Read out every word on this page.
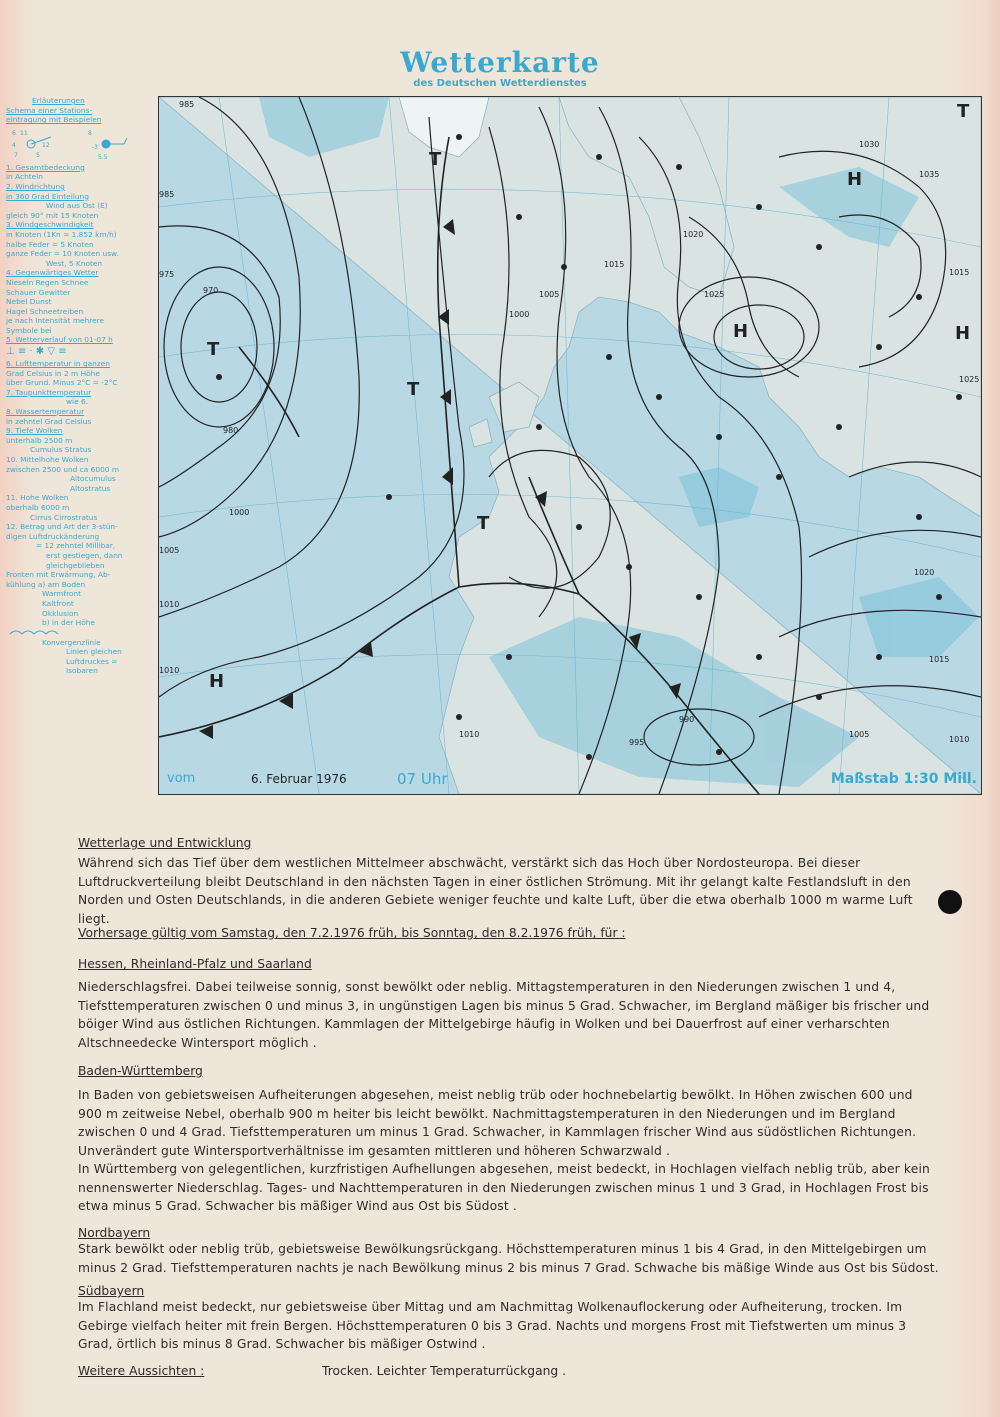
Wetterkarte
des Deutschen Wetterdienstes
Erläuterungen
Schema einer Stations-
eintragung mit Beispielen
6 11
4
7	5
12
8
-3
5.5
1. Gesamtbedeckung
in Achteln
2. Windrichtung
in 360 Grad Einteilung
Wind aus Ost (E)
gleich 90° mit 15 Knoten
3. Windgeschwindigkeit
in Knoten (1Kn = 1.852 km/h)
halbe Feder = 5 Knoten
ganze Feder = 10 Knoten usw.
West, 5 Knoten
4. Gegenwärtiges Wetter
Nieseln Regen Schnee
Schauer Gewitter
Nebel Dunst
Hagel Schneetreiben
je nach Intensität mehrere
Symbole bei
5. Wetterverlauf von 01-07 h
⊥ ≡ · ✱ ▽ ≡
6. Lufttemperatur in ganzen
Grad Celsius in 2 m Höhe
über Grund. Minus 2°C = -2°C
7. Taupunkttemperatur
wie 6.
8. Wassertemperatur
in zehntel Grad Celsius
9. Tiefe Wolken
unterhalb 2500 m
Cumulus Stratus
10. Mittelhohe Wolken
zwischen 2500 und ca 6000 m
Altocumulus
Altostratus
11. Hohe Wolken
oberhalb 6000 m
Cirrus Cirrostratus
12. Betrag und Art der 3-stün-
digen Luftdruckänderung
= 12 zehntel Millibar,
erst gestiegen, dann
gleichgeblieben
Fronten mit Erwärmung, Ab-
kühlung a) am Boden
Warmfront
Kaltfront
Okklusion
b) in der Höhe
Konvergenzlinie
Linien gleichen
Luftdruckes =
Isobaren
985
970
975
980
985
1000
1005
1010
1015
1020
1025
1030
1035
1010	1005
1015
1010
990
995
1000
1005
1010
1015
1020
1025
T
T
T
T
H
H
H
H
T
vom	6. Februar 1976	07 Uhr	Maßstab 1:30 Mill.
Wetterlage und Entwicklung
Während sich das Tief über dem westlichen Mittelmeer abschwächt, verstärkt sich das Hoch über Nordosteuropa. Bei dieser Luftdruckverteilung bleibt Deutschland in den nächsten Tagen in einer östlichen Strömung. Mit ihr gelangt kalte Festlandsluft in den Norden und Osten Deutschlands, in die anderen Gebiete weniger feuchte und kalte Luft, über die etwa oberhalb 1000 m warme Luft liegt.
Vorhersage gültig vom Samstag, den 7.2.1976 früh, bis Sonntag, den 8.2.1976 früh, für :
Hessen, Rheinland-Pfalz und Saarland
Niederschlagsfrei. Dabei teilweise sonnig, sonst bewölkt oder neblig. Mittagstemperaturen in den Niederungen zwischen 1 und 4, Tiefsttemperaturen zwischen 0 und minus 3, in ungünstigen Lagen bis minus 5 Grad. Schwacher, im Bergland mäßiger bis frischer und böiger Wind aus östlichen Richtungen. Kammlagen der Mittelgebirge häufig in Wolken und bei Dauerfrost auf einer verharschten Altschneedecke Wintersport möglich .
Baden-Württemberg
In Baden von gebietsweisen Aufheiterungen abgesehen, meist neblig trüb oder hochnebelartig bewölkt. In Höhen zwischen 600 und 900 m zeitweise Nebel, oberhalb 900 m heiter bis leicht bewölkt. Nachmittagstemperaturen in den Niederungen und im Bergland zwischen 0 und 4 Grad. Tiefsttemperaturen um minus 1 Grad. Schwacher, in Kammlagen frischer Wind aus südöstlichen Richtungen. Unverändert gute Wintersportverhältnisse im gesamten mittleren und höheren Schwarzwald .
In Württemberg von gelegentlichen, kurzfristigen Aufhellungen abgesehen, meist bedeckt, in Hochlagen vielfach neblig trüb, aber kein nennenswerter Niederschlag. Tages- und Nachttemperaturen in den Niederungen zwischen minus 1 und 3 Grad, in Hochlagen Frost bis etwa minus 5 Grad. Schwacher bis mäßiger Wind aus Ost bis Südost .
Nordbayern
Stark bewölkt oder neblig trüb, gebietsweise Bewölkungsrückgang. Höchsttemperaturen minus 1 bis 4 Grad, in den Mittelgebirgen um minus 2 Grad. Tiefsttemperaturen nachts je nach Bewölkung minus 2 bis minus 7 Grad. Schwache bis mäßige Winde aus Ost bis Südost.
Südbayern
Im Flachland meist bedeckt, nur gebietsweise über Mittag und am Nachmittag Wolkenauflockerung oder Aufheiterung, trocken. Im Gebirge vielfach heiter mit frein Bergen. Höchsttemperaturen 0 bis 3 Grad. Nachts und morgens Frost mit Tiefstwerten um minus 3 Grad, örtlich bis minus 8 Grad. Schwacher bis mäßiger Ostwind .
Weitere Aussichten :	Trocken. Leichter Temperaturrückgang .
